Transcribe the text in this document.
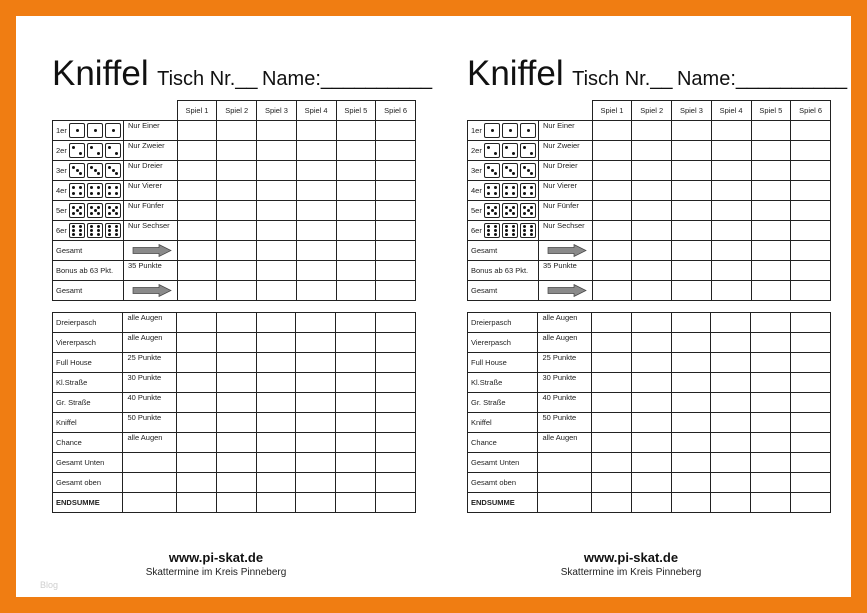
Kniffel Tisch Nr.__ Name:__________
		Spiel 1	Spiel 2	Spiel 3	Spiel 4	Spiel 5	Spiel 6

1er	Nur Einer						

2er	Nur Zweier						

3er	Nur Dreier						

4er	Nur Vierer						

5er	Nur Fünfer						

6er	Nur Sechser						
Gesamt	

Bonus ab 63 Pkt.	35 Punkte						
Gesamt	

Dreierpasch	alle Augen						
Viererpasch	alle Augen						
Full House	25 Punkte						
Kl.Straße	30 Punkte						
Gr. Straße	40 Punkte						
Kniffel	50 Punkte						
Chance	alle Augen						
Gesamt Unten							
Gesamt oben							
ENDSUMME							
www.pi-skat.de
Skattermine im Kreis Pinneberg
Kniffel Tisch Nr.__ Name:__________
		Spiel 1	Spiel 2	Spiel 3	Spiel 4	Spiel 5	Spiel 6

1er	Nur Einer						

2er	Nur Zweier						

3er	Nur Dreier						

4er	Nur Vierer						

5er	Nur Fünfer						

6er	Nur Sechser						
Gesamt	

Bonus ab 63 Pkt.	35 Punkte						
Gesamt	

Dreierpasch	alle Augen						
Viererpasch	alle Augen						
Full House	25 Punkte						
Kl.Straße	30 Punkte						
Gr. Straße	40 Punkte						
Kniffel	50 Punkte						
Chance	alle Augen						
Gesamt Unten							
Gesamt oben							
ENDSUMME							
www.pi-skat.de
Skattermine im Kreis Pinneberg
Blog
